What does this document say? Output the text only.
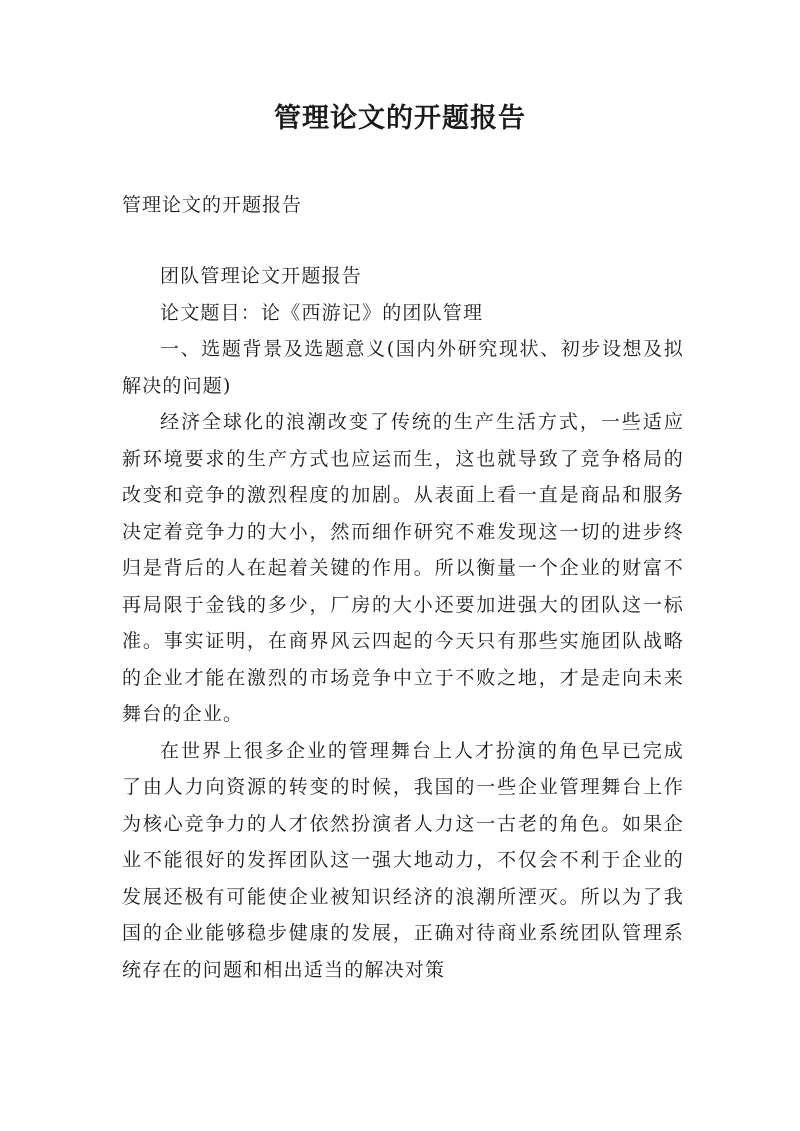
管理论文的开题报告
管理论文的开题报告

团队管理论文开题报告

论文题目：论《西游记》的团队管理

一、选题背景及选题意义(国内外研究现状、初步设想及拟解决的问题)

经济全球化的浪潮改变了传统的生产生活方式，一些适应新环境要求的生产方式也应运而生，这也就导致了竞争格局的改变和竞争的激烈程度的加剧。从表面上看一直是商品和服务决定着竞争力的大小，然而细作研究不难发现这一切的进步终归是背后的人在起着关键的作用。所以衡量一个企业的财富不再局限于金钱的多少，厂房的大小还要加进强大的团队这一标准。事实证明，在商界风云四起的今天只有那些实施团队战略的企业才能在激烈的市场竞争中立于不败之地，才是走向未来舞台的企业。

在世界上很多企业的管理舞台上人才扮演的角色早已完成了由人力向资源的转变的时候，我国的一些企业管理舞台上作为核心竞争力的人才依然扮演者人力这一古老的角色。如果企业不能很好的发挥团队这一强大地动力，不仅会不利于企业的发展还极有可能使企业被知识经济的浪潮所湮灭。所以为了我国的企业能够稳步健康的发展，正确对待商业系统团队管理系统存在的问题和相出适当的解决对策
